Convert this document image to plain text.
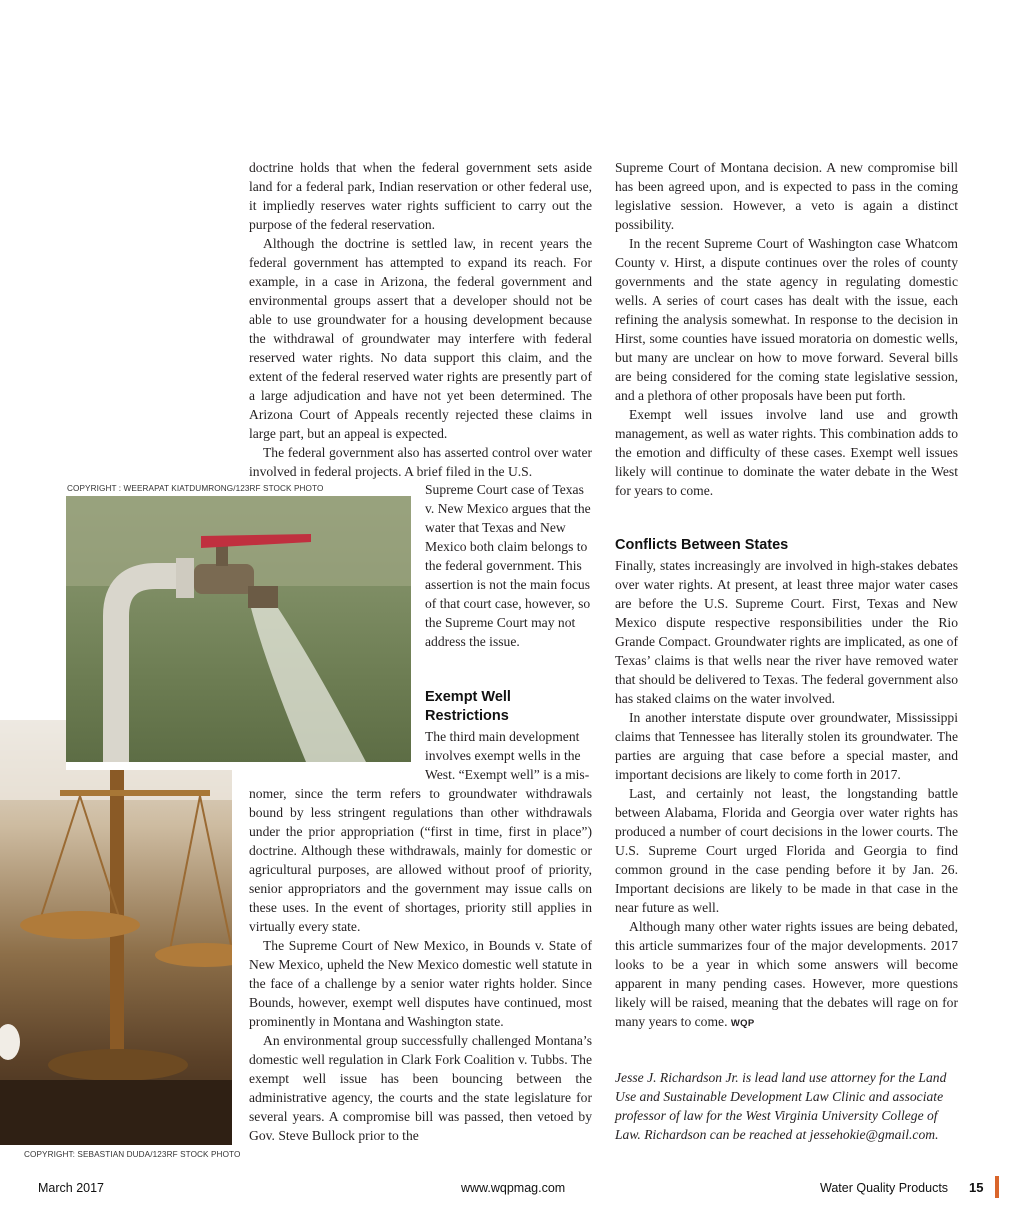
COPYRIGHT : WEERAPAT KIATDUMRONG/123RF STOCK PHOTO
COPYRIGHT: SEBASTIAN DUDA/123RF STOCK PHOTO

doctrine holds that when the federal government sets aside land for a federal park, Indian reservation or other federal use, it impliedly reserves water rights sufficient to carry out the purpose of the federal reservation.

Although the doctrine is settled law, in recent years the federal government has attempted to expand its reach. For example, in a case in Arizona, the federal government and environmental groups assert that a developer should not be able to use groundwater for a housing development because the withdrawal of groundwater may interfere with federal reserved water rights. No data support this claim, and the extent of the federal reserved water rights are presently part of a large adjudication and have not yet been determined. The Arizona Court of Appeals recently rejected these claims in large part, but an appeal is expected.

The federal government also has asserted control over water involved in federal projects. A brief filed in the U.S.

Supreme Court case of Texas v. New Mexico argues that the water that Texas and New Mexico both claim belongs to the federal government. This assertion is not the main focus of that court case, however, so the Supreme Court may not address the issue.

Exempt Well

Restrictions

The third main development involves exempt wells in the West. “Exempt well” is a mis-

nomer, since the term refers to groundwater withdrawals bound by less stringent regulations than other withdrawals under the prior appropriation (“first in time, first in place”) doctrine. Although these withdrawals, mainly for domestic or agricultural purposes, are allowed without proof of priority, senior appropriators and the government may issue calls on these uses. In the event of shortages, priority still applies in virtually every state.

The Supreme Court of New Mexico, in Bounds v. State of New Mexico, upheld the New Mexico domestic well statute in the face of a challenge by a senior water rights holder. Since Bounds, however, exempt well disputes have continued, most prominently in Montana and Washington state.

An environmental group successfully challenged Montana’s domestic well regulation in Clark Fork Coalition v. Tubbs. The exempt well issue has been bouncing between the administrative agency, the courts and the state legislature for several years. A compromise bill was passed, then vetoed by Gov. Steve Bullock prior to the

Supreme Court of Montana decision. A new compromise bill has been agreed upon, and is expected to pass in the coming legislative session. However, a veto is again a distinct possibility.

In the recent Supreme Court of Washington case Whatcom County v. Hirst, a dispute continues over the roles of county governments and the state agency in regulating domestic wells. A series of court cases has dealt with the issue, each refining the analysis somewhat. In response to the decision in Hirst, some counties have issued moratoria on domestic wells, but many are unclear on how to move forward. Several bills are being considered for the coming state legislative session, and a plethora of other proposals have been put forth.

Exempt well issues involve land use and growth management, as well as water rights. This combination adds to the emotion and difficulty of these cases. Exempt well issues likely will continue to dominate the water debate in the West for years to come.

Conflicts Between States

Finally, states increasingly are involved in high-stakes debates over water rights. At present, at least three major water cases are before the U.S. Supreme Court. First, Texas and New Mexico dispute respective responsibilities under the Rio Grande Compact. Groundwater rights are implicated, as one of Texas’ claims is that wells near the river have removed water that should be delivered to Texas. The federal government also has staked claims on the water involved.

In another interstate dispute over groundwater, Mississippi claims that Tennessee has literally stolen its groundwater. The parties are arguing that case before a special master, and important decisions are likely to come forth in 2017.

Last, and certainly not least, the longstanding battle between Alabama, Florida and Georgia over water rights has produced a number of court decisions in the lower courts. The U.S. Supreme Court urged Florida and Georgia to find common ground in the case pending before it by Jan. 26. Important decisions are likely to be made in that case in the near future as well.

Although many other water rights issues are being debated, this article summarizes four of the major developments. 2017 looks to be a year in which some answers will become apparent in many pending cases. However, more questions likely will be raised, meaning that the debates will rage on for many years to come. WQP

Jesse J. Richardson Jr. is lead land use attorney for the Land Use and Sustainable Development Law Clinic and associate professor of law for the West Virginia University College of Law. Richardson can be reached at jessehokie@gmail.com.

March 2017	www.wqpmag.com	Water Quality Products 15
